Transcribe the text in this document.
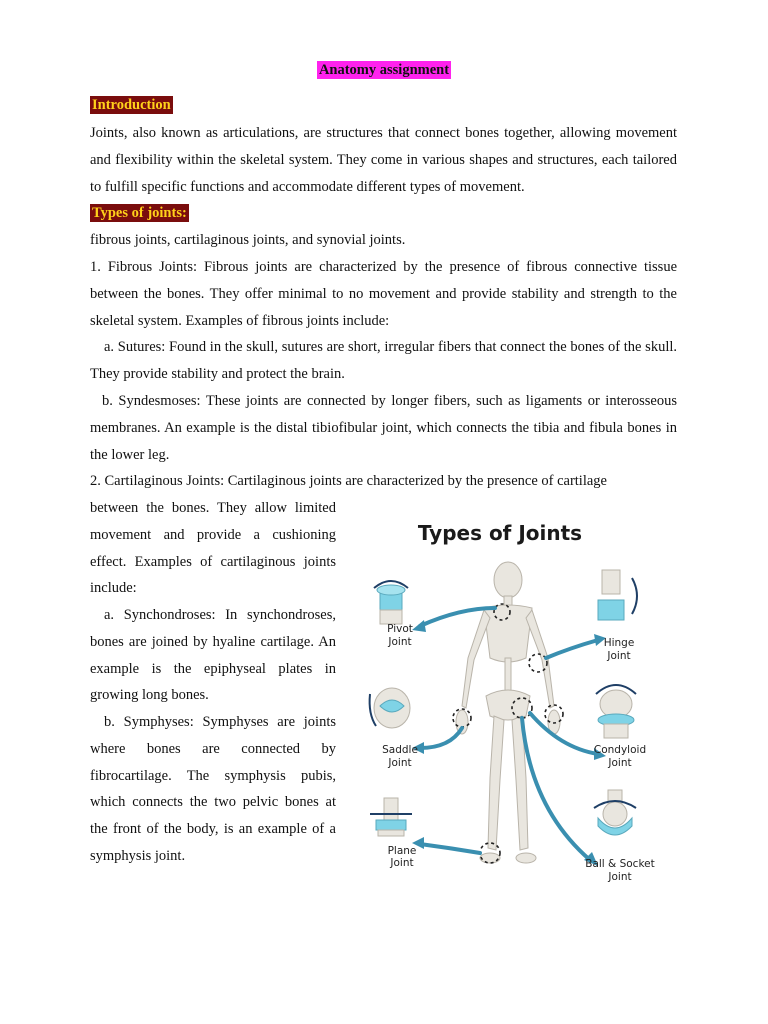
Anatomy assignment
Introduction

Joints, also known as articulations, are structures that connect bones together, allowing movement and flexibility within the skeletal system. They come in various shapes and structures, each tailored to fulfill specific functions and accommodate different types of movement.

Types of joints:

fibrous joints, cartilaginous joints, and synovial joints.

1. Fibrous Joints: Fibrous joints are characterized by the presence of fibrous connective tissue between the bones. They offer minimal to no movement and provide stability and strength to the skeletal system. Examples of fibrous joints include:

a. Sutures: Found in the skull, sutures are short, irregular fibers that connect the bones of the skull. They provide stability and protect the brain.

b. Syndesmoses: These joints are connected by longer fibers, such as ligaments or interosseous membranes. An example is the distal tibiofibular joint, which connects the tibia and fibula bones in the lower leg.

2. Cartilaginous Joints: Cartilaginous joints are characterized by the presence of cartilage

between the bones. They allow limited movement and provide a cushioning effect. Examples of cartilaginous joints include:

a. Synchondroses: In synchondroses, bones are joined by hyaline cartilage. An example is the epiphyseal plates in growing long bones.

b. Symphyses: Symphyses are joints where bones are connected by fibrocartilage. The symphysis pubis, which connects the two pelvic bones at the front of the body, is an example of a symphysis joint.

Types of Joints
Pivot
Joint	Hinge
Joint
Saddle
Joint
Condyloid
Joint
Plane
Joint	Ball & Socket
Joint
